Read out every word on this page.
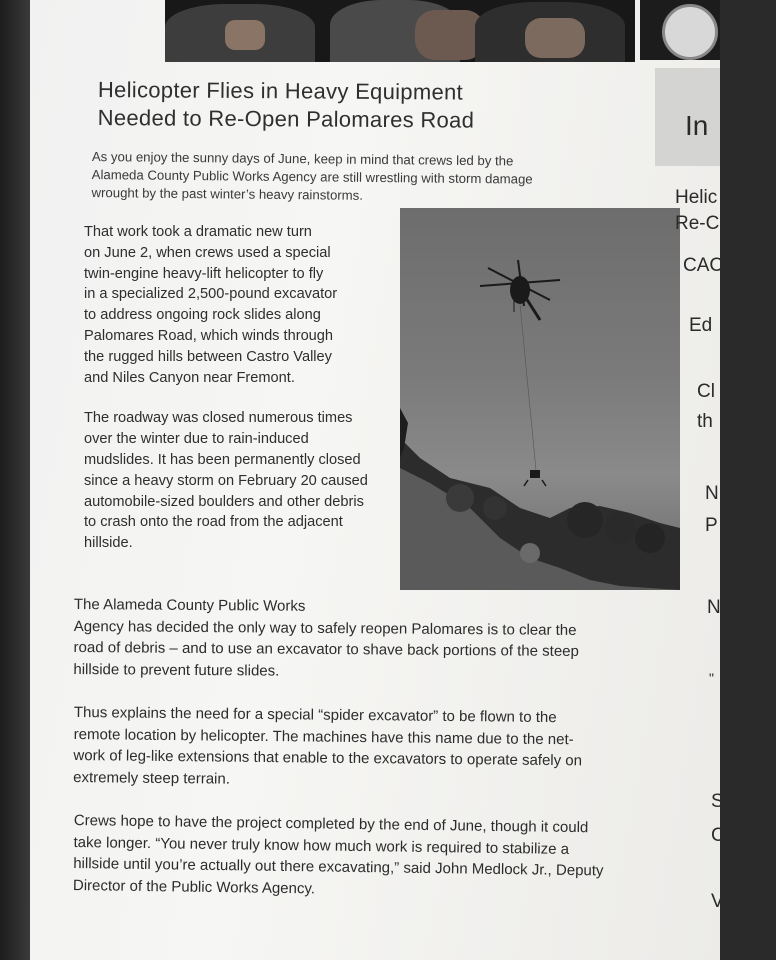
Helicopter Flies in Heavy Equipment
Needed to Re-Open Palomares Road
As you enjoy the sunny days of June, keep in mind that crews led by the
Alameda County Public Works Agency are still wrestling with storm damage
wrought by the past winter’s heavy rainstorms.
That work took a dramatic new turn
on June 2, when crews used a special
twin-engine heavy-lift helicopter to fly
in a specialized 2,500-pound excavator
to address ongoing rock slides along
Palomares Road, which winds through
the rugged hills between Castro Valley
and Niles Canyon near Fremont.
The roadway was closed numerous times
over the winter due to rain-induced
mudslides. It has been permanently closed
since a heavy storm on February 20 caused
automobile-sized boulders and other debris
to crash onto the road from the adjacent
hillside.
The Alameda County Public Works
Agency has decided the only way to safely reopen Palomares is to clear the
road of debris – and to use an excavator to shave back portions of the steep
hillside to prevent future slides.
Thus explains the need for a special “spider excavator” to be flown to the
remote location by helicopter. The machines have this name due to the net-
work of leg-like extensions that enable to the excavators to operate safely on
extremely steep terrain.
Crews hope to have the project completed by the end of June, though it could
take longer. “You never truly know how much work is required to stabilize a
hillside until you’re actually out there excavating,” said John Medlock Jr., Deputy
Director of the Public Works Agency.
In
Helic
Re-C
CAC
Ed
Cl
th
N
P
N
"
S
C
V
